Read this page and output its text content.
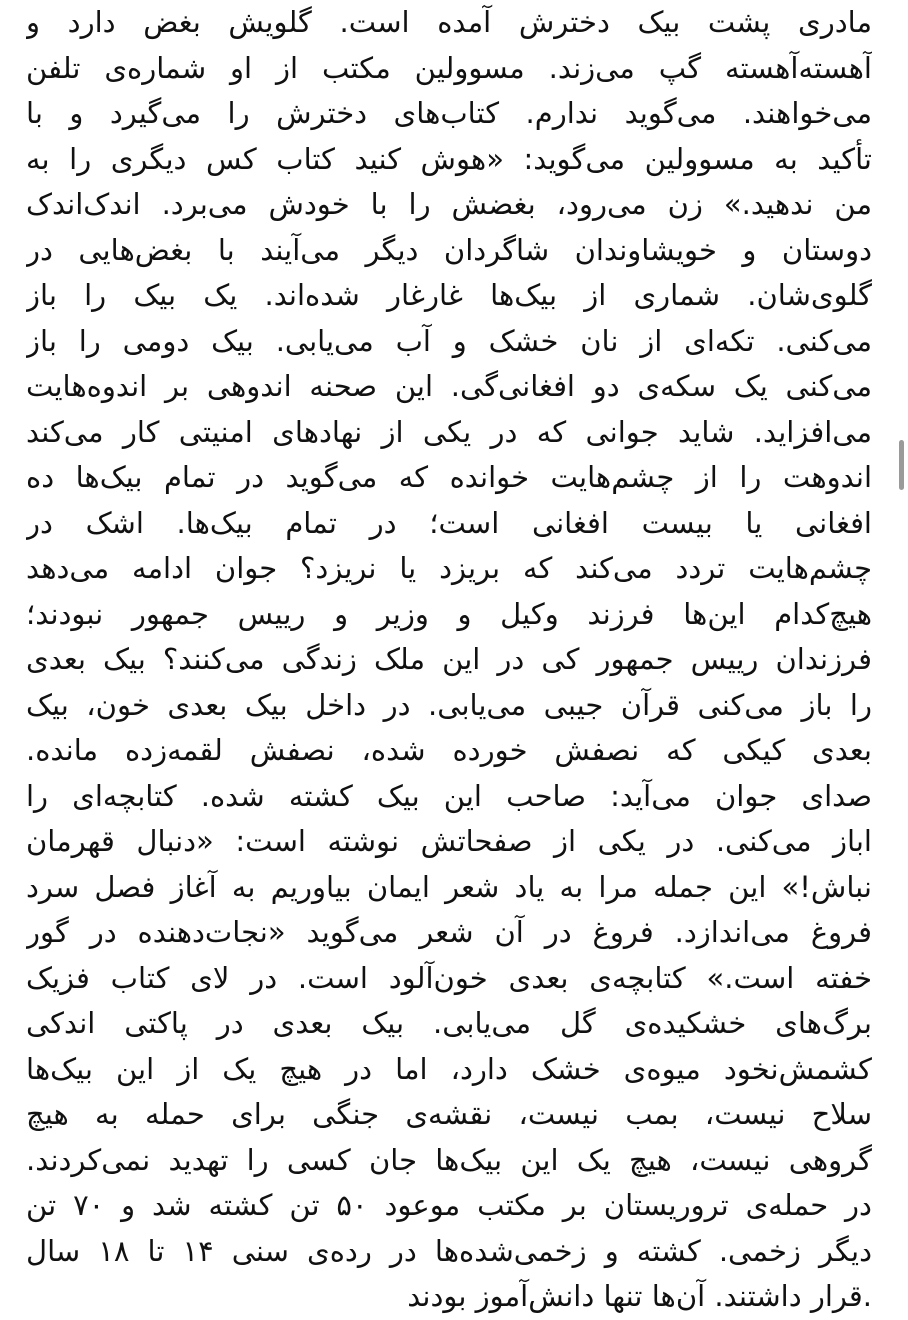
مادری پشت بیک دخترش آمده است. گلویش بغض دارد و
آهسته‌آهسته گپ می‌زند. مسوولین مکتب از او شماره‌ی تلفن
می‌خواهند. می‌گوید ندارم. کتاب‌های دخترش را می‌گیرد و با
تأکید به مسوولین می‌گوید: «هوش کنید کتاب کس دیگری را به
من ندهید.» زن می‌رود، بغضش را با خودش می‌برد. اندک‌اندک
دوستان و خویشاوندان شاگردان دیگر می‌آیند با بغض‌هایی در
گلوی‌شان. شماری از بیک‌ها غارغار شده‌اند. یک بیک را باز
می‌کنی. تکه‌ای از نان خشک و آب می‌یابی. بیک دومی را باز
می‌کنی یک سکه‌ی دو افغانی‌گی. این صحنه اندوهی بر اندوه‌هایت
می‌افزاید. شاید جوانی که در یکی از نهادهای امنیتی کار می‌کند
اندوهت را از چشم‌هایت خوانده که می‌گوید در تمام بیک‌ها ده
افغانی یا بیست افغانی است؛ در تمام بیک‌ها. اشک در
چشم‌هایت تردد می‌کند که بریزد یا نریزد؟ جوان ادامه می‌دهد
هیچ‌کدام این‌ها فرزند وکیل و وزیر و رییس جمهور نبودند؛
فرزندان رییس جمهور کی در این ملک زندگی می‌کنند؟ بیک بعدی
را باز می‌کنی قرآن جیبی می‌یابی. در داخل بیک بعدی خون، بیک
بعدی کیکی که نصفش خورده شده، نصفش لقمه‌زده مانده.
صدای جوان می‌آید: صاحب این بیک کشته شده. کتابچه‌ای را
اباز می‌کنی. در یکی از صفحاتش نوشته است: «دنبال قهرمان
نباش!» این جمله مرا به یاد شعر ایمان بیاوریم به آغاز فصل سرد
فروغ می‌اندازد. فروغ در آن شعر می‌گوید «نجات‌دهنده در گور
خفته است.» کتابچه‌ی بعدی خون‌آلود است. در لای کتاب فزیک
برگ‌های خشکیده‌ی گل می‌یابی. بیک بعدی در پاکتی اندکی
کشمش‌نخود میوه‌ی خشک دارد، اما در هیچ یک از این بیک‌ها
سلاح نیست، بمب نیست، نقشه‌ی جنگی برای حمله به هیچ
گروهی نیست، هیچ یک این بیک‌ها جان کسی را تهدید نمی‌کردند.
در حمله‌ی تروریستان بر مکتب موعود ۵۰ تن کشته شد و ۷۰ تن
دیگر زخمی. کشته و زخمی‌شده‌ها در رده‌ی سنی ۱۴ تا ۱۸ سال
.قرار داشتند. آن‌ها تنها دانش‌آموز بودند
